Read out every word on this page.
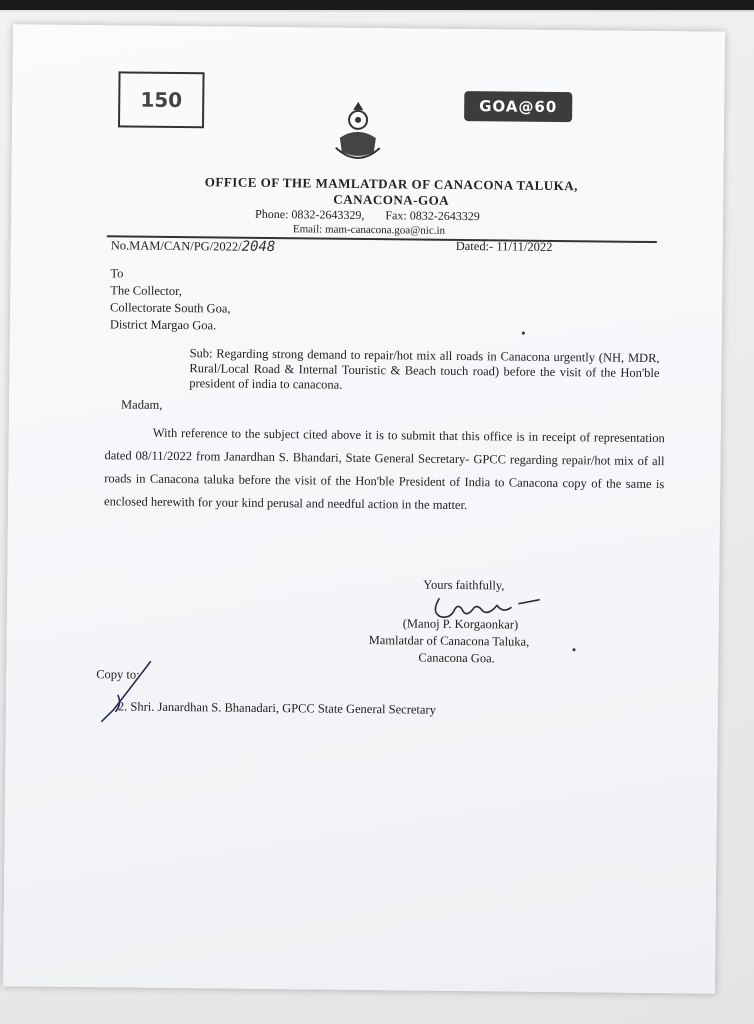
150	GOA@60
OFFICE OF THE MAMLATDAR OF CANACONA TALUKA,
CANACONA-GOA
Phone: 0832-2643329, Fax: 0832-2643329
Email: mam-canacona.goa@nic.in
No.MAM/CAN/PG/2022/2048	Dated:- 11/11/2022
To
The Collector,
Collectorate South Goa,
District Margao Goa.
Sub: Regarding strong demand to repair/hot mix all roads in Canacona urgently (NH, MDR, Rural/Local Road & Internal Touristic & Beach touch road) before the visit of the Hon'ble president of india to canacona.
Madam,
With reference to the subject cited above it is to submit that this office is in receipt of representation dated 08/11/2022 from Janardhan S. Bhandari, State General Secretary- GPCC regarding repair/hot mix of all roads in Canacona taluka before the visit of the Hon'ble President of India to Canacona copy of the same is enclosed herewith for your kind perusal and needful action in the matter.
Yours faithfully,
(Manoj P. Korgaonkar)
Mamlatdar of Canacona Taluka,
Canacona Goa.
Copy to:
2. Shri. Janardhan S. Bhanadari, GPCC State General Secretary
